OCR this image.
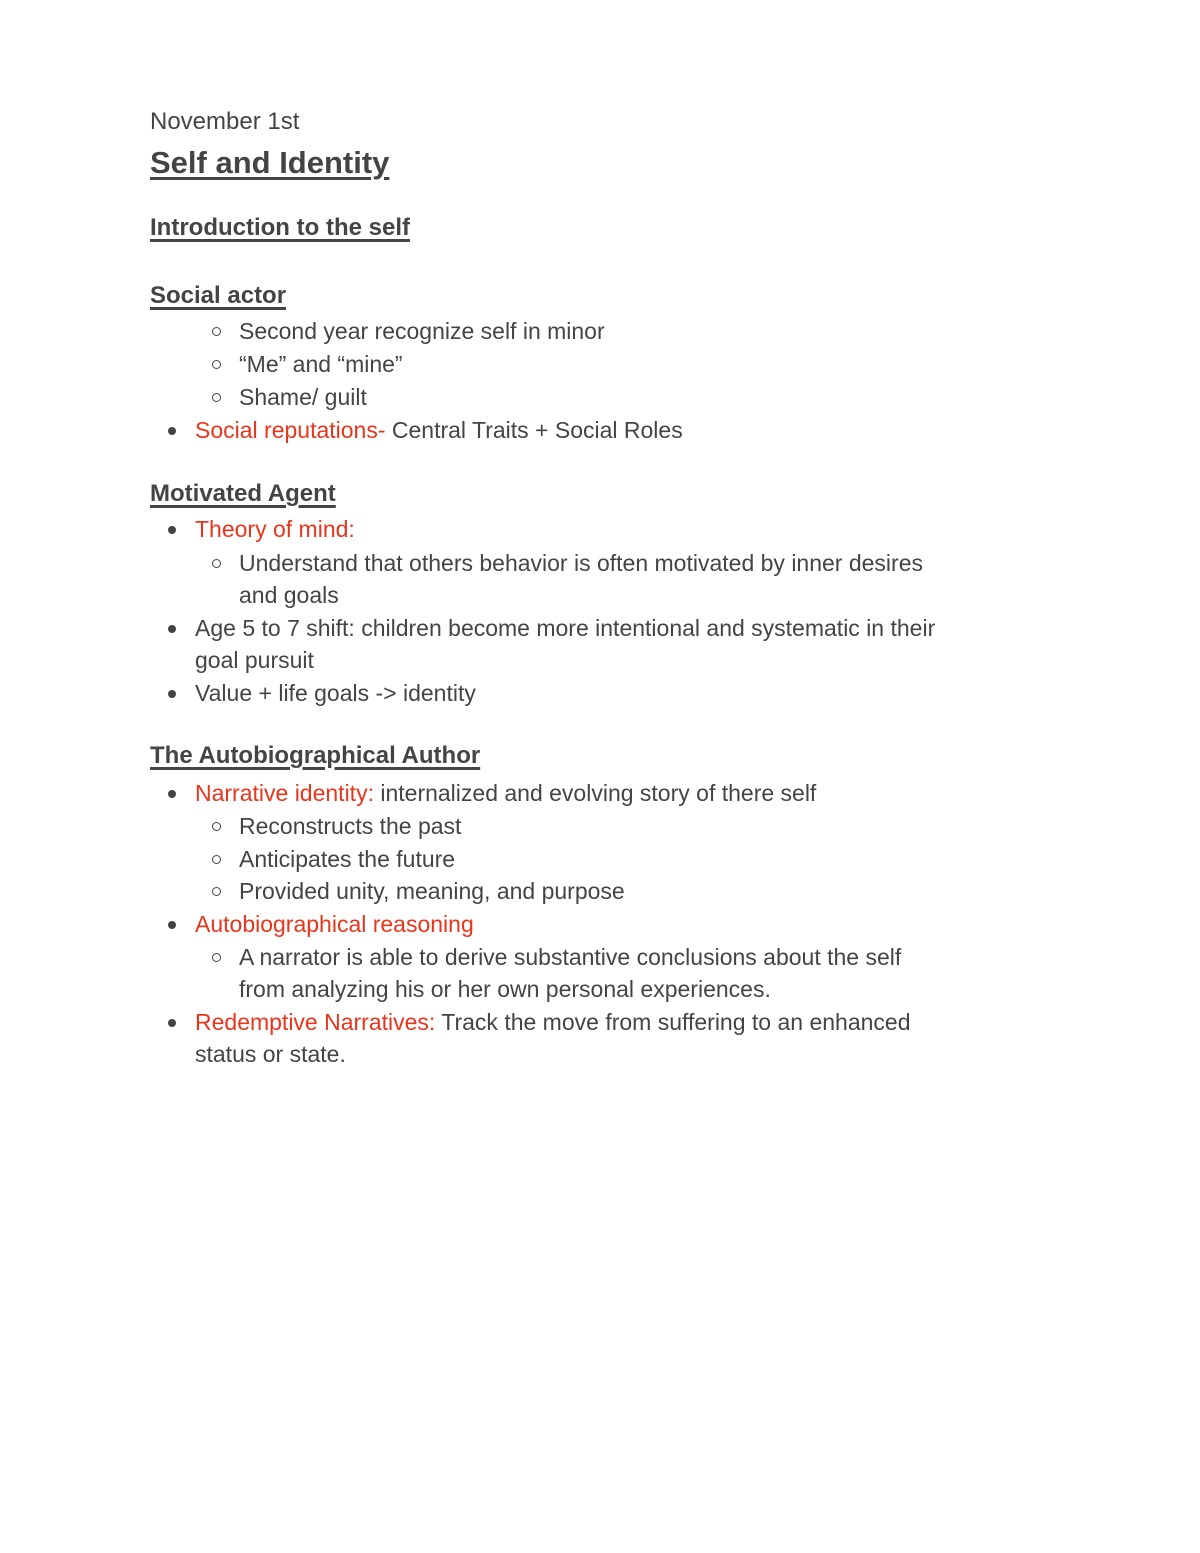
November 1st
Self and Identity
Introduction to the self
Social actor
Second year recognize self in minor
“Me” and “mine”
Shame/ guilt
Social reputations- Central Traits + Social Roles
Motivated Agent
Theory of mind:
Understand that others behavior is often motivated by inner desires
and goals
Age 5 to 7 shift: children become more intentional and systematic in their
goal pursuit
Value + life goals -> identity
The Autobiographical Author
Narrative identity: internalized and evolving story of there self
Reconstructs the past
Anticipates the future
Provided unity, meaning, and purpose
Autobiographical reasoning
A narrator is able to derive substantive conclusions about the self
from analyzing his or her own personal experiences.
Redemptive Narratives: Track the move from suffering to an enhanced
status or state.
